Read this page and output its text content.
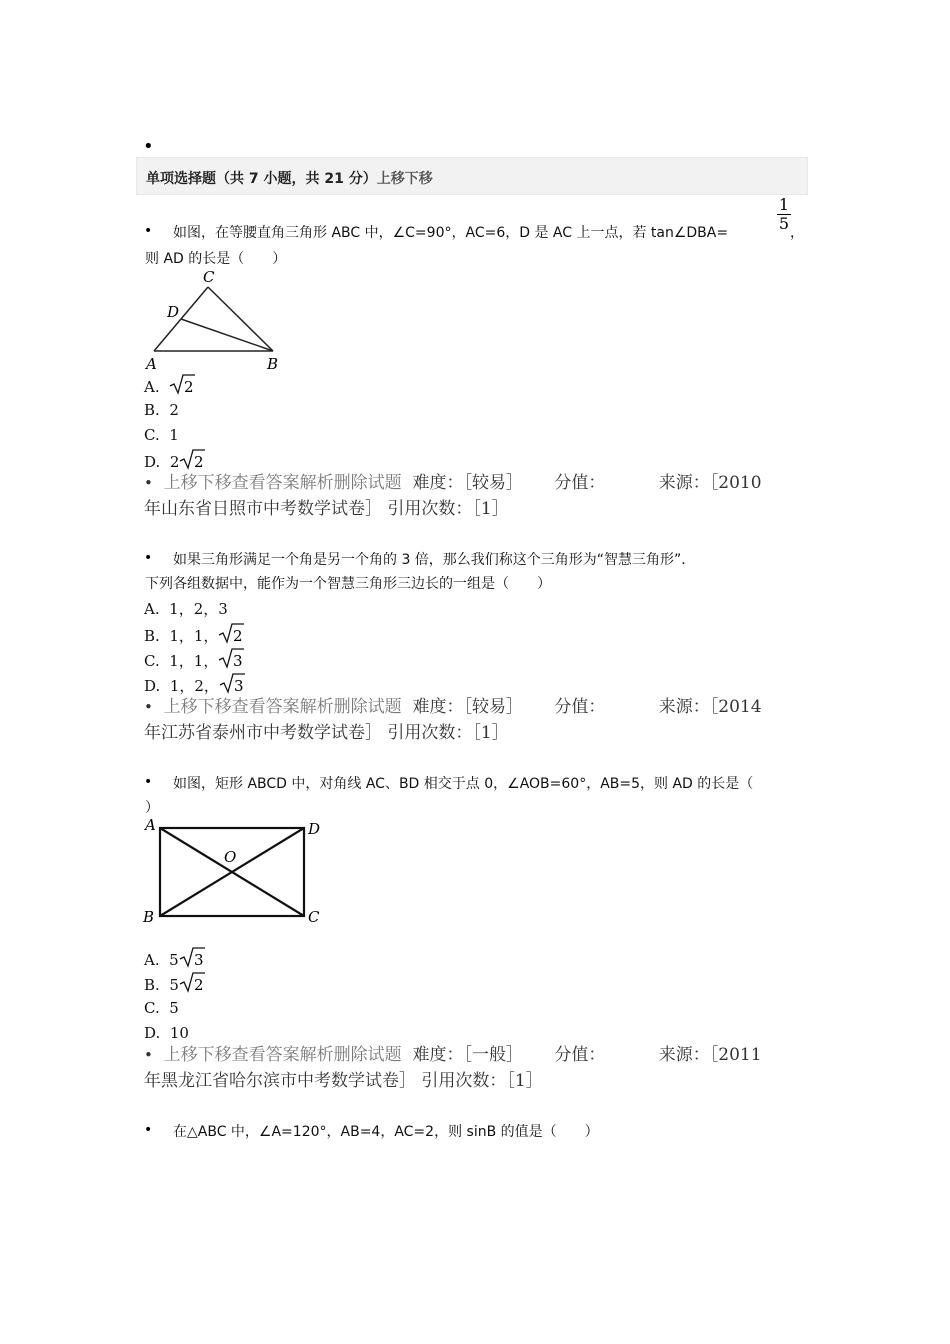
•
单项选择题（共 7 小题，共 21 分）上移下移
• 如图，在等腰直角三角形 ABC 中，∠C=90°，AC=6，D 是 AC 上一点，若 tan∠DBA=
1
5 ，
则 AD 的长是（　　）
C
D
A	B
A. 2
B. 2
C. 1
D. 2 2
• 上移下移查看答案解析删除试题 难度：［较易］ 分值：	来源：［2010
年山东省日照市中考数学试卷］ 引用次数：［1］
• 如果三角形满足一个角是另一个角的 3 倍，那么我们称这个三角形为“智慧三角形”．
下列各组数据中，能作为一个智慧三角形三边长的一组是（　　）
A. 1，2，3
B. 1，1， 2
C. 1，1， 3
D. 1，2， 3
• 上移下移查看答案解析删除试题 难度：［较易］ 分值：	来源：［2014
年江苏省泰州市中考数学试卷］ 引用次数：［1］
• 如图，矩形 ABCD 中，对角线 AC、BD 相交于点 0，∠AOB=60°，AB=5，则 AD 的长是（
）
A	D
O
B	C
A. 5 3
B. 5 2
C. 5
D. 10
• 上移下移查看答案解析删除试题 难度：［一般］ 分值：	来源：［2011
年黑龙江省哈尔滨市中考数学试卷］ 引用次数：［1］
• 在△ABC 中，∠A=120°，AB=4，AC=2，则 sinB 的值是（　　）
